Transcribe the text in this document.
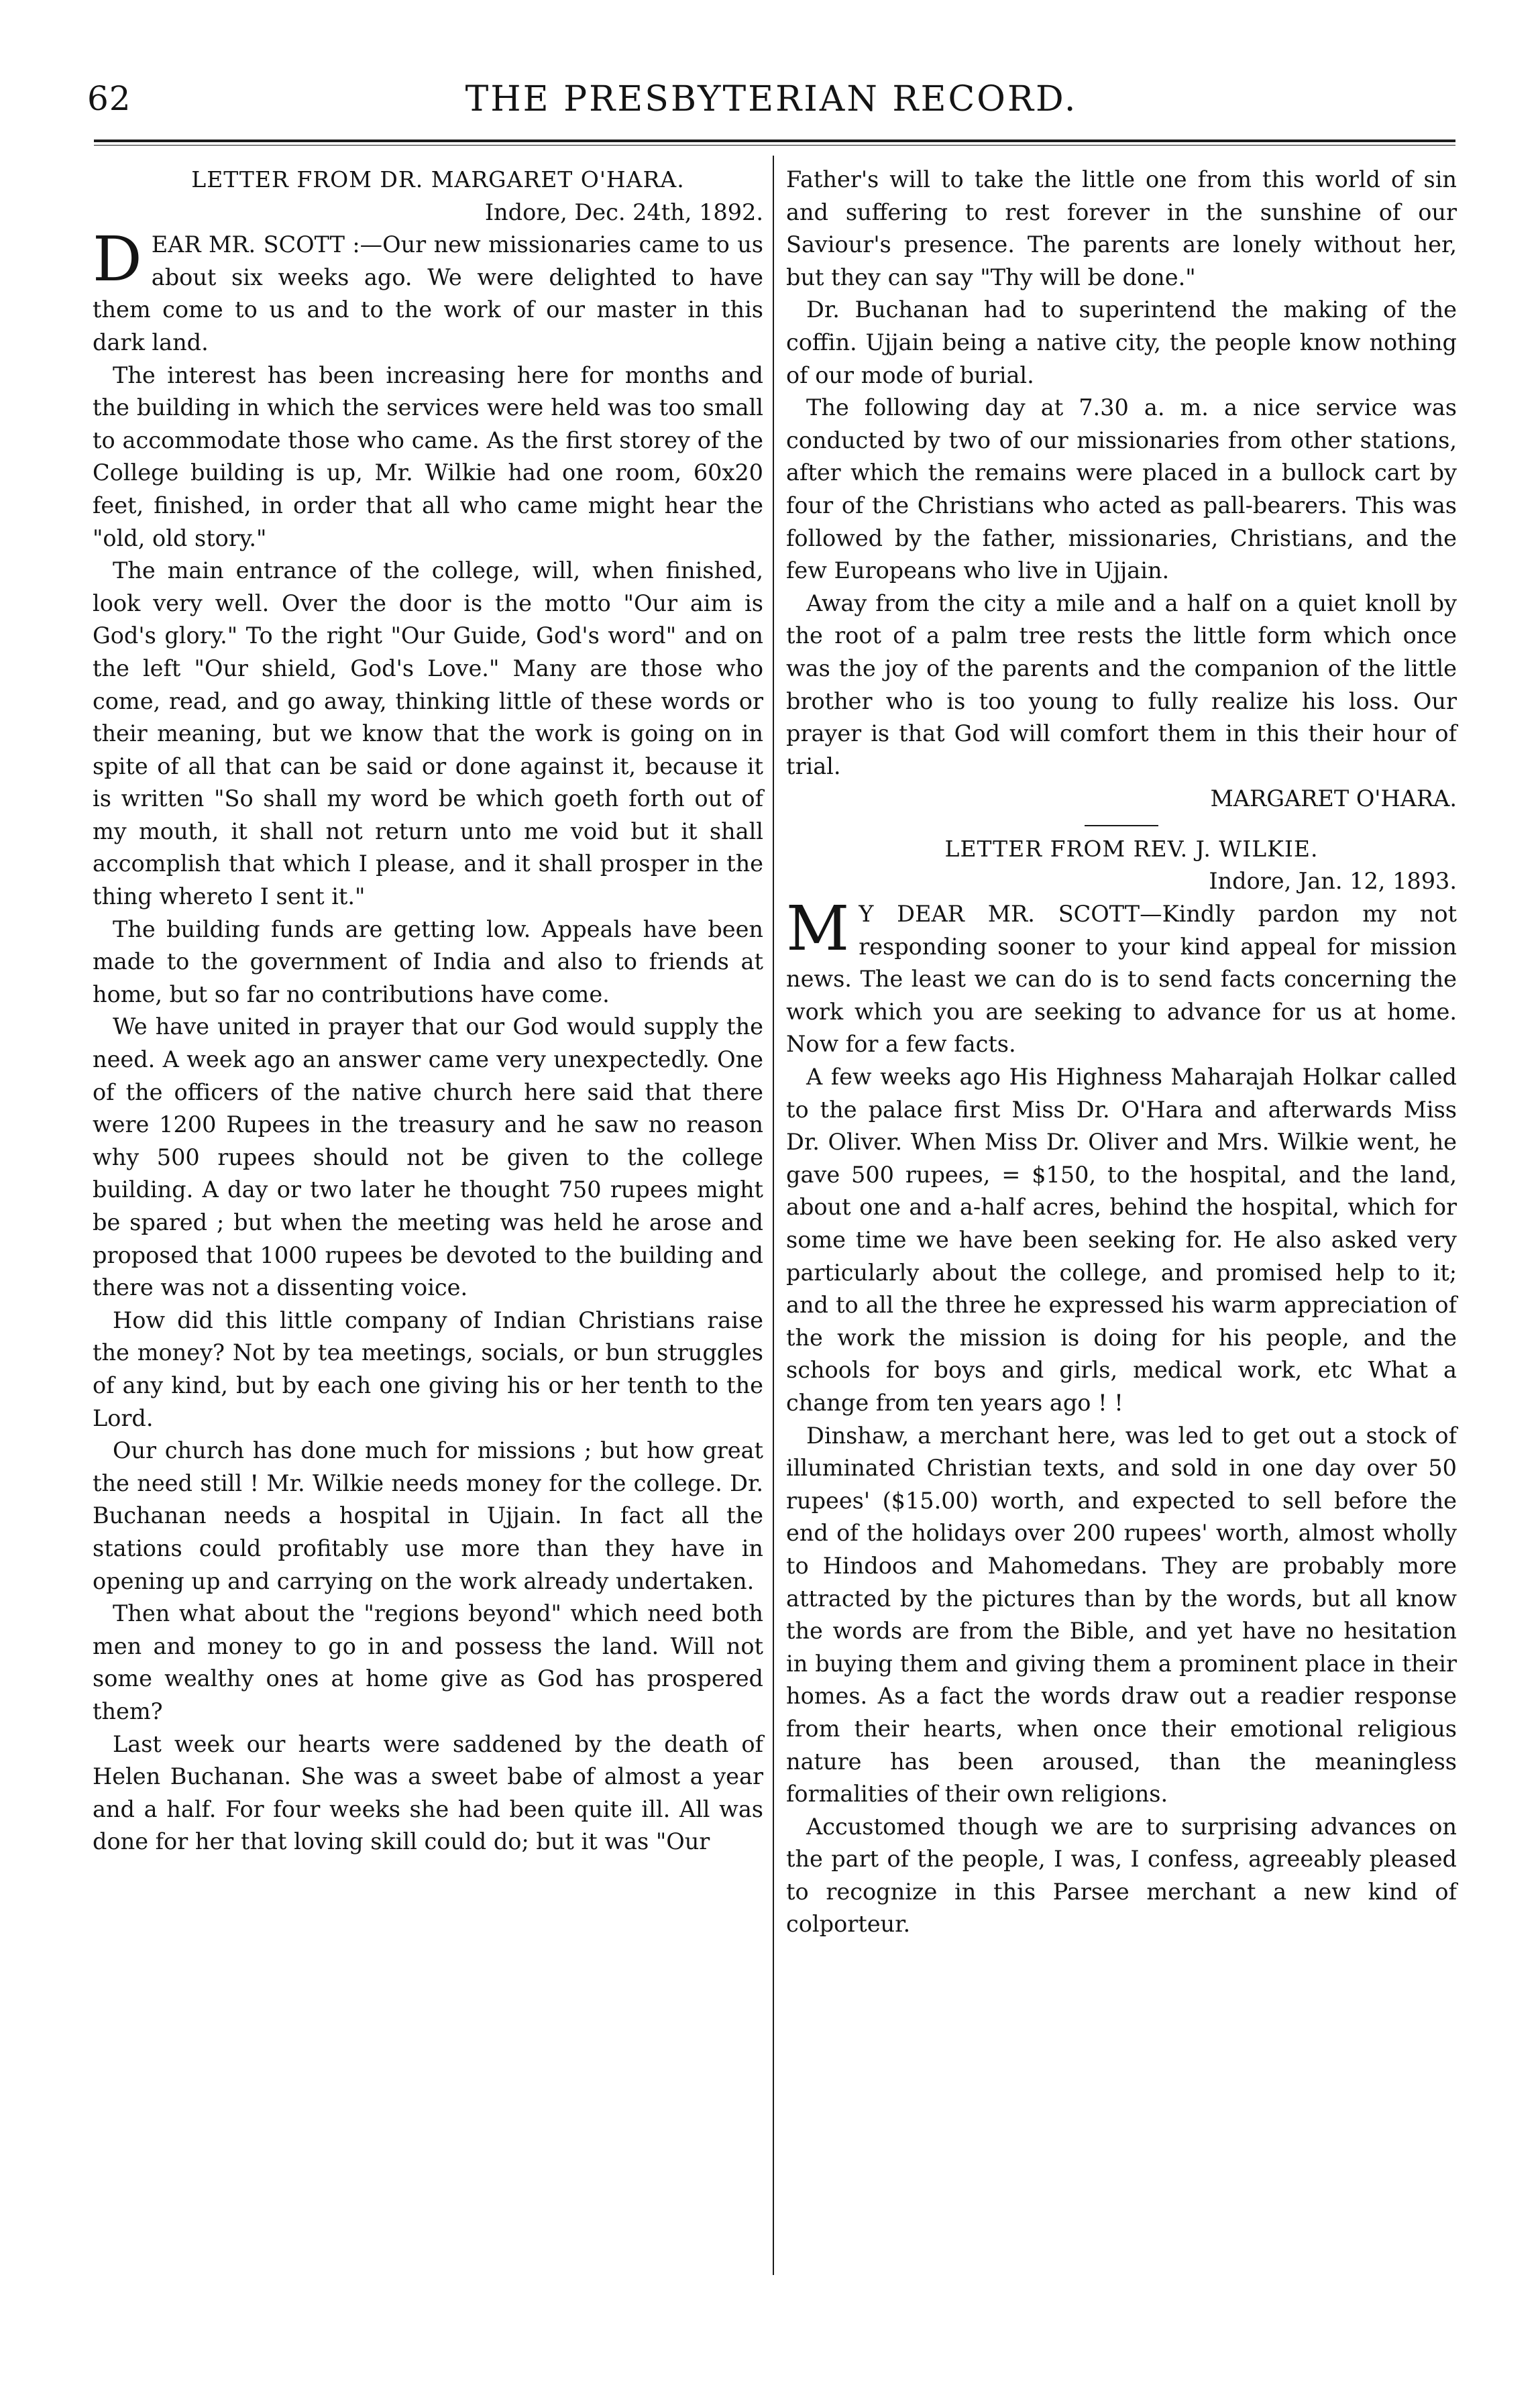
62	THE PRESBYTERIAN RECORD.

LETTER FROM DR. MARGARET O'HARA.

Indore, Dec. 24th, 1892.

DEAR MR. SCOTT :—Our new missionaries came to us about six weeks ago. We were delighted to have them come to us and to the work of our master in this dark land.

The interest has been increasing here for months and the building in which the services were held was too small to accommodate those who came. As the first storey of the College building is up, Mr. Wilkie had one room, 60x20 feet, finished, in order that all who came might hear the "old, old story."

The main entrance of the college, will, when finished, look very well. Over the door is the motto "Our aim is God's glory." To the right "Our Guide, God's word" and on the left "Our shield, God's Love." Many are those who come, read, and go away, thinking little of these words or their meaning, but we know that the work is going on in spite of all that can be said or done against it, because it is written "So shall my word be which goeth forth out of my mouth, it shall not return unto me void but it shall accomplish that which I please, and it shall prosper in the thing whereto I sent it."

The building funds are getting low. Appeals have been made to the government of India and also to friends at home, but so far no contributions have come.

We have united in prayer that our God would supply the need. A week ago an answer came very unexpectedly. One of the officers of the native church here said that there were 1200 Rupees in the treasury and he saw no reason why 500 rupees should not be given to the college building. A day or two later he thought 750 rupees might be spared ; but when the meeting was held he arose and proposed that 1000 rupees be devoted to the building and there was not a dissenting voice.

How did this little company of Indian Christians raise the money? Not by tea meetings, socials, or bun struggles of any kind, but by each one giving his or her tenth to the Lord.

Our church has done much for missions ; but how great the need still ! Mr. Wilkie needs money for the college. Dr. Buchanan needs a hospital in Ujjain. In fact all the stations could profitably use more than they have in opening up and carrying on the work already undertaken.

Then what about the "regions beyond" which need both men and money to go in and possess the land. Will not some wealthy ones at home give as God has prospered them?

Last week our hearts were saddened by the death of Helen Buchanan. She was a sweet babe of almost a year and a half. For four weeks she had been quite ill. All was done for her that loving skill could do; but it was "Our

Father's will to take the little one from this world of sin and suffering to rest forever in the sunshine of our Saviour's presence. The parents are lonely without her, but they can say "Thy will be done."

Dr. Buchanan had to superintend the making of the coffin. Ujjain being a native city, the people know nothing of our mode of burial.

The following day at 7.30 a. m. a nice service was conducted by two of our missionaries from other stations, after which the remains were placed in a bullock cart by four of the Christians who acted as pall-bearers. This was followed by the father, missionaries, Christians, and the few Europeans who live in Ujjain.

Away from the city a mile and a half on a quiet knoll by the root of a palm tree rests the little form which once was the joy of the parents and the companion of the little brother who is too young to fully realize his loss. Our prayer is that God will comfort them in this their hour of trial.

MARGARET O'HARA.

LETTER FROM REV. J. WILKIE.

Indore, Jan. 12, 1893.

M Y DEAR MR. SCOTT—Kindly pardon my not responding sooner to your kind appeal for mission news. The least we can do is to send facts concerning the work which you are seeking to advance for us at home. Now for a few facts.

A few weeks ago His Highness Maharajah Holkar called to the palace first Miss Dr. O'Hara and afterwards Miss Dr. Oliver. When Miss Dr. Oliver and Mrs. Wilkie went, he gave 500 rupees, = $150, to the hospital, and the land, about one and a-half acres, behind the hospital, which for some time we have been seeking for. He also asked very particularly about the college, and promised help to it; and to all the three he expressed his warm appreciation of the work the mission is doing for his people, and the schools for boys and girls, medical work, etc What a change from ten years ago ! !

Dinshaw, a merchant here, was led to get out a stock of illuminated Christian texts, and sold in one day over 50 rupees' ($15.00) worth, and expected to sell before the end of the holidays over 200 rupees' worth, almost wholly to Hindoos and Mahomedans. They are probably more attracted by the pictures than by the words, but all know the words are from the Bible, and yet have no hesitation in buying them and giving them a prominent place in their homes. As a fact the words draw out a readier response from their hearts, when once their emotional religious nature has been aroused, than the meaningless formalities of their own religions.

Accustomed though we are to surprising advances on the part of the people, I was, I confess, agreeably pleased to recognize in this Parsee merchant a new kind of colporteur.
